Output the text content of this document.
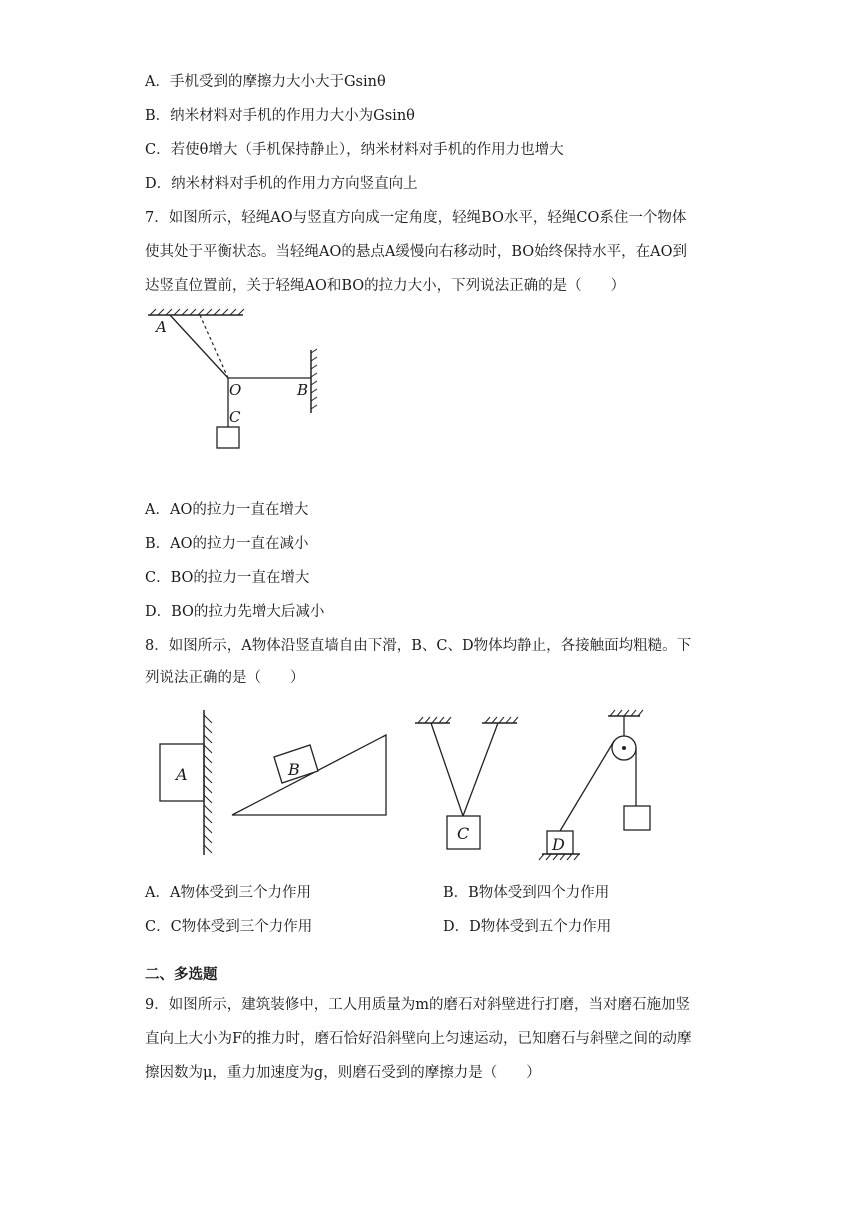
A．手机受到的摩擦力大小大于Gsinθ
B．纳米材料对手机的作用力大小为Gsinθ
C．若使θ增大（手机保持静止），纳米材料对手机的作用力也增大
D．纳米材料对手机的作用力方向竖直向上
7．如图所示，轻绳AO与竖直方向成一定角度，轻绳BO水平，轻绳CO系住一个物体
使其处于平衡状态。当轻绳AO的悬点A缓慢向右移动时，BO始终保持水平，在AO到
达竖直位置前，关于轻绳AO和BO的拉力大小，下列说法正确的是（　　）
A
O	B
C
A．AO的拉力一直在增大
B．AO的拉力一直在减小
C．BO的拉力一直在增大
D．BO的拉力先增大后减小
8．如图所示，A物体沿竖直墙自由下滑，B、C、D物体均静止，各接触面均粗糙。下
列说法正确的是（　　）
A	B
C
D
A．A物体受到三个力作用	B．B物体受到四个力作用
C．C物体受到三个力作用	D．D物体受到五个力作用
二、多选题
9．如图所示，建筑装修中，工人用质量为m的磨石对斜壁进行打磨，当对磨石施加竖
直向上大小为F的推力时，磨石恰好沿斜壁向上匀速运动，已知磨石与斜壁之间的动摩
擦因数为μ，重力加速度为g，则磨石受到的摩擦力是（　　）
